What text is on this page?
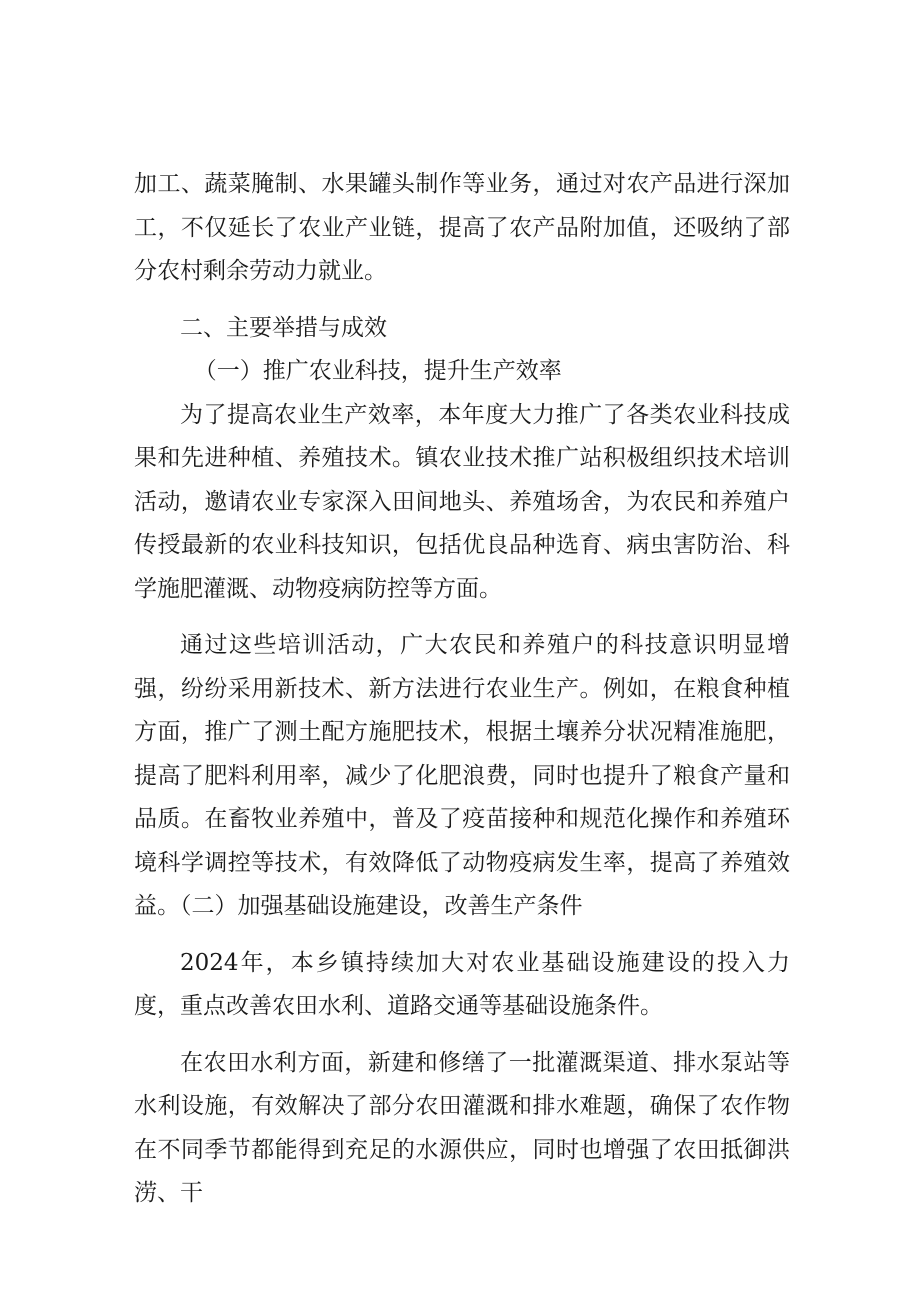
加工、蔬菜腌制、水果罐头制作等业务，通过对农产品进行深加工，不仅延长了农业产业链，提高了农产品附加值，还吸纳了部分农村剩余劳动力就业。

二、主要举措与成效

（一）推广农业科技，提升生产效率

为了提高农业生产效率，本年度大力推广了各类农业科技成果和先进种植、养殖技术。镇农业技术推广站积极组织技术培训活动，邀请农业专家深入田间地头、养殖场舍，为农民和养殖户传授最新的农业科技知识，包括优良品种选育、病虫害防治、科学施肥灌溉、动物疫病防控等方面。

通过这些培训活动，广大农民和养殖户的科技意识明显增强，纷纷采用新技术、新方法进行农业生产。例如，在粮食种植方面，推广了测土配方施肥技术，根据土壤养分状况精准施肥，提高了肥料利用率，减少了化肥浪费，同时也提升了粮食产量和品质。在畜牧业养殖中，普及了疫苗接种和规范化操作和养殖环境科学调控等技术，有效降低了动物疫病发生率，提高了养殖效益。（二）加强基础设施建设，改善生产条件

2024年，本乡镇持续加大对农业基础设施建设的投入力度，重点改善农田水利、道路交通等基础设施条件。

在农田水利方面，新建和修缮了一批灌溉渠道、排水泵站等水利设施，有效解决了部分农田灌溉和排水难题，确保了农作物在不同季节都能得到充足的水源供应，同时也增强了农田抵御洪涝、干
